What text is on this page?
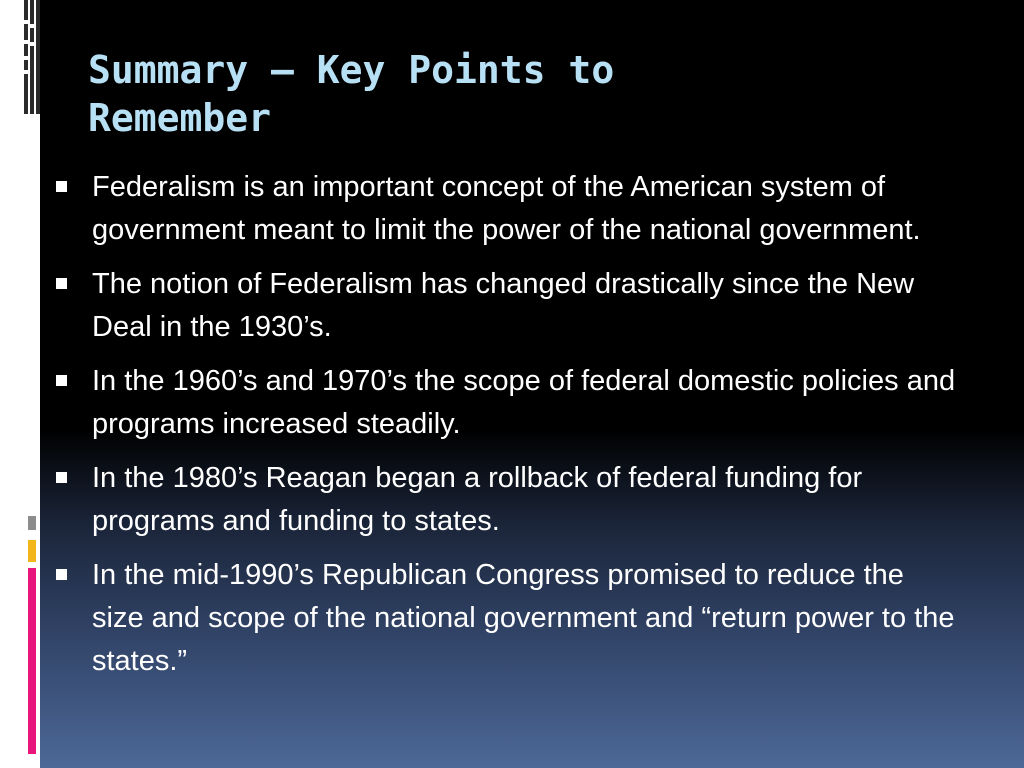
Summary – Key Points to Remember
Federalism is an important concept of the American system of government meant to limit the power of the national government.
The notion of Federalism has changed drastically since the New Deal in the 1930’s.
In the 1960’s and 1970’s the scope of federal domestic policies and programs increased steadily.
In the 1980’s Reagan began a rollback of federal funding for programs and funding to states.
In the mid-1990’s Republican Congress promised to reduce the size and scope of the national government and “return power to the states.”
